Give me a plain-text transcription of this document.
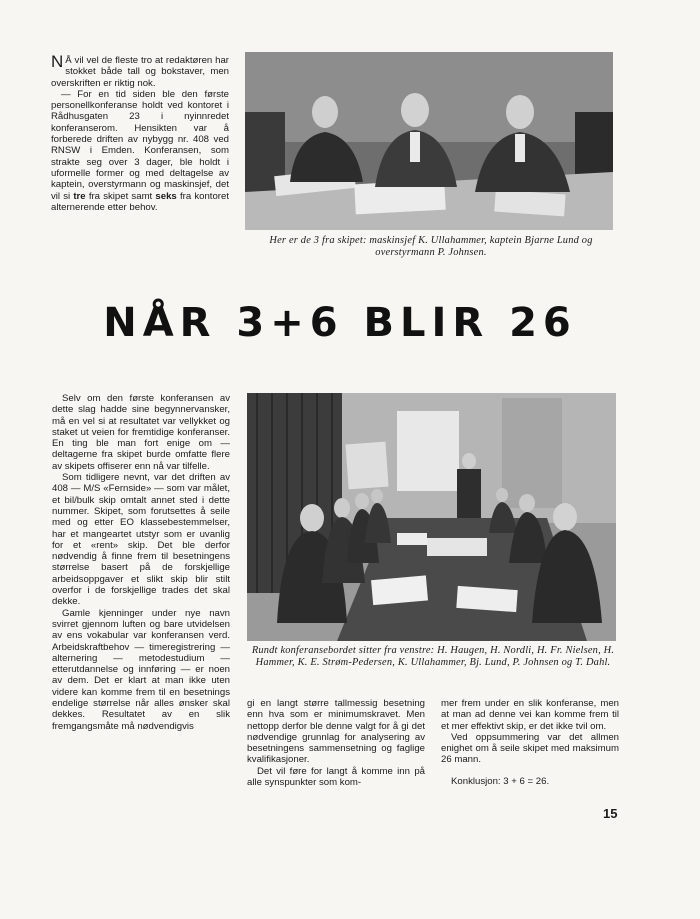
N Å vil vel de fleste tro at redaktøren har stokket både tall og bokstaver, men overskriften er riktig nok.

— For en tid siden ble den første personellkonferanse holdt ved kontoret i Rådhusgaten 23 i nyinnredet konferanserom. Hensikten var å forberede driften av nybygg nr. 408 ved RNSW i Emden. Konferansen, som strakte seg over 3 dager, ble holdt i uformelle former og med deltagelse av kaptein, overstyrmann og maskinsjef, det vil si tre fra skipet samt seks fra kontoret alternerende etter behov.

Her er de 3 fra skipet: maskinsjef K. Ullahammer, kaptein Bjarne Lund og overstyrmann P. Johnsen.
NÅR 3+6 BLIR 26

Selv om den første konferansen av dette slag hadde sine begynnervansker, må en vel si at resultatet var vellykket og staket ut veien for fremtidige konferanser. En ting ble man fort enige om — deltagerne fra skipet burde omfatte flere av skipets offiserer enn nå var tilfelle.

Som tidligere nevnt, var det driften av 408 — M/S «Fernside» — som var målet, et bil/bulk skip omtalt annet sted i dette nummer. Skipet, som forutsettes å seile med og etter EO klassebestemmelser, har et mangeartet utstyr som er uvanlig for et «rent» skip. Det ble derfor nødvendig å finne frem til besetningens størrelse basert på de forskjellige arbeidsoppgaver et slikt skip blir stilt overfor i de forskjellige trades det skal dekke.

Gamle kjenninger under nye navn svirret gjennom luften og bare utvidelsen av ens vokabular var konferansen verd. Arbeidskraftbehov — timeregistrering — alternering — metodestudium — etterutdannelse og innføring — er noen av dem. Det er klart at man ikke uten videre kan komme frem til en besetnings endelige størrelse når alles ønsker skal dekkes. Resultatet av en slik fremgangsmåte må nødvendigvis

Rundt konferansebordet sitter fra venstre: H. Haugen, H. Nordli, H. Fr. Nielsen, H. Hammer, K. E. Strøm-Pedersen, K. Ullahammer, Bj. Lund, P. Johnsen og T. Dahl.

gi en langt større tallmessig besetning enn hva som er minimumskravet. Men nettopp derfor ble denne valgt for å gi det nødvendige grunnlag for analysering av besetningens sammensetning og faglige kvalifikasjoner.

Det vil føre for langt å komme inn på alle synspunkter som kom-

mer frem under en slik konferanse, men at man ad denne vei kan komme frem til et mer effektivt skip, er det ikke tvil om.

Ved oppsummering var det allmen enighet om å seile skipet med maksimum 26 mann.

Konklusjon: 3 + 6 = 26.

15
